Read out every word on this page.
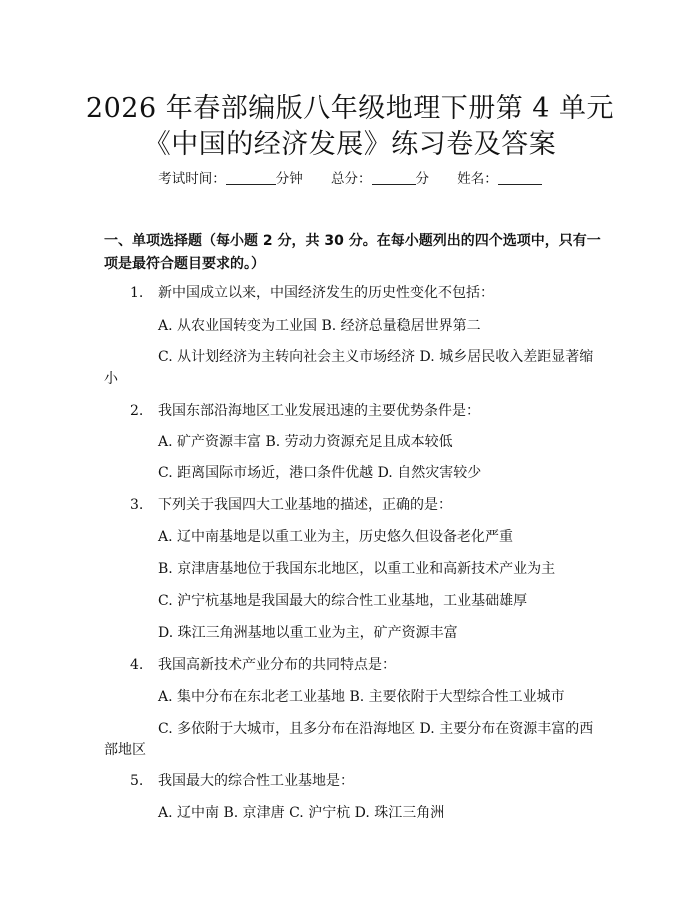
2026 年春部编版八年级地理下册第 4 单元
《中国的经济发展》练习卷及答案
考试时间：	分钟 总分：	分 姓名：
一、单项选择题（每小题 2 分，共 30 分。在每小题列出的四个选项中，只有一项是最符合题目要求的。）
1. 新中国成立以来，中国经济发生的历史性变化不包括：
A. 从农业国转变为工业国 B. 经济总量稳居世界第二
C. 从计划经济为主转向社会主义市场经济 D. 城乡居民收入差距显著缩
小
2. 我国东部沿海地区工业发展迅速的主要优势条件是：
A. 矿产资源丰富 B. 劳动力资源充足且成本较低
C. 距离国际市场近，港口条件优越 D. 自然灾害较少
3. 下列关于我国四大工业基地的描述，正确的是：
A. 辽中南基地是以重工业为主，历史悠久但设备老化严重
B. 京津唐基地位于我国东北地区，以重工业和高新技术产业为主
C. 沪宁杭基地是我国最大的综合性工业基地，工业基础雄厚
D. 珠江三角洲基地以重工业为主，矿产资源丰富
4. 我国高新技术产业分布的共同特点是：
A. 集中分布在东北老工业基地 B. 主要依附于大型综合性工业城市
C. 多依附于大城市，且多分布在沿海地区 D. 主要分布在资源丰富的西
部地区
5. 我国最大的综合性工业基地是：
A. 辽中南 B. 京津唐 C. 沪宁杭 D. 珠江三角洲
